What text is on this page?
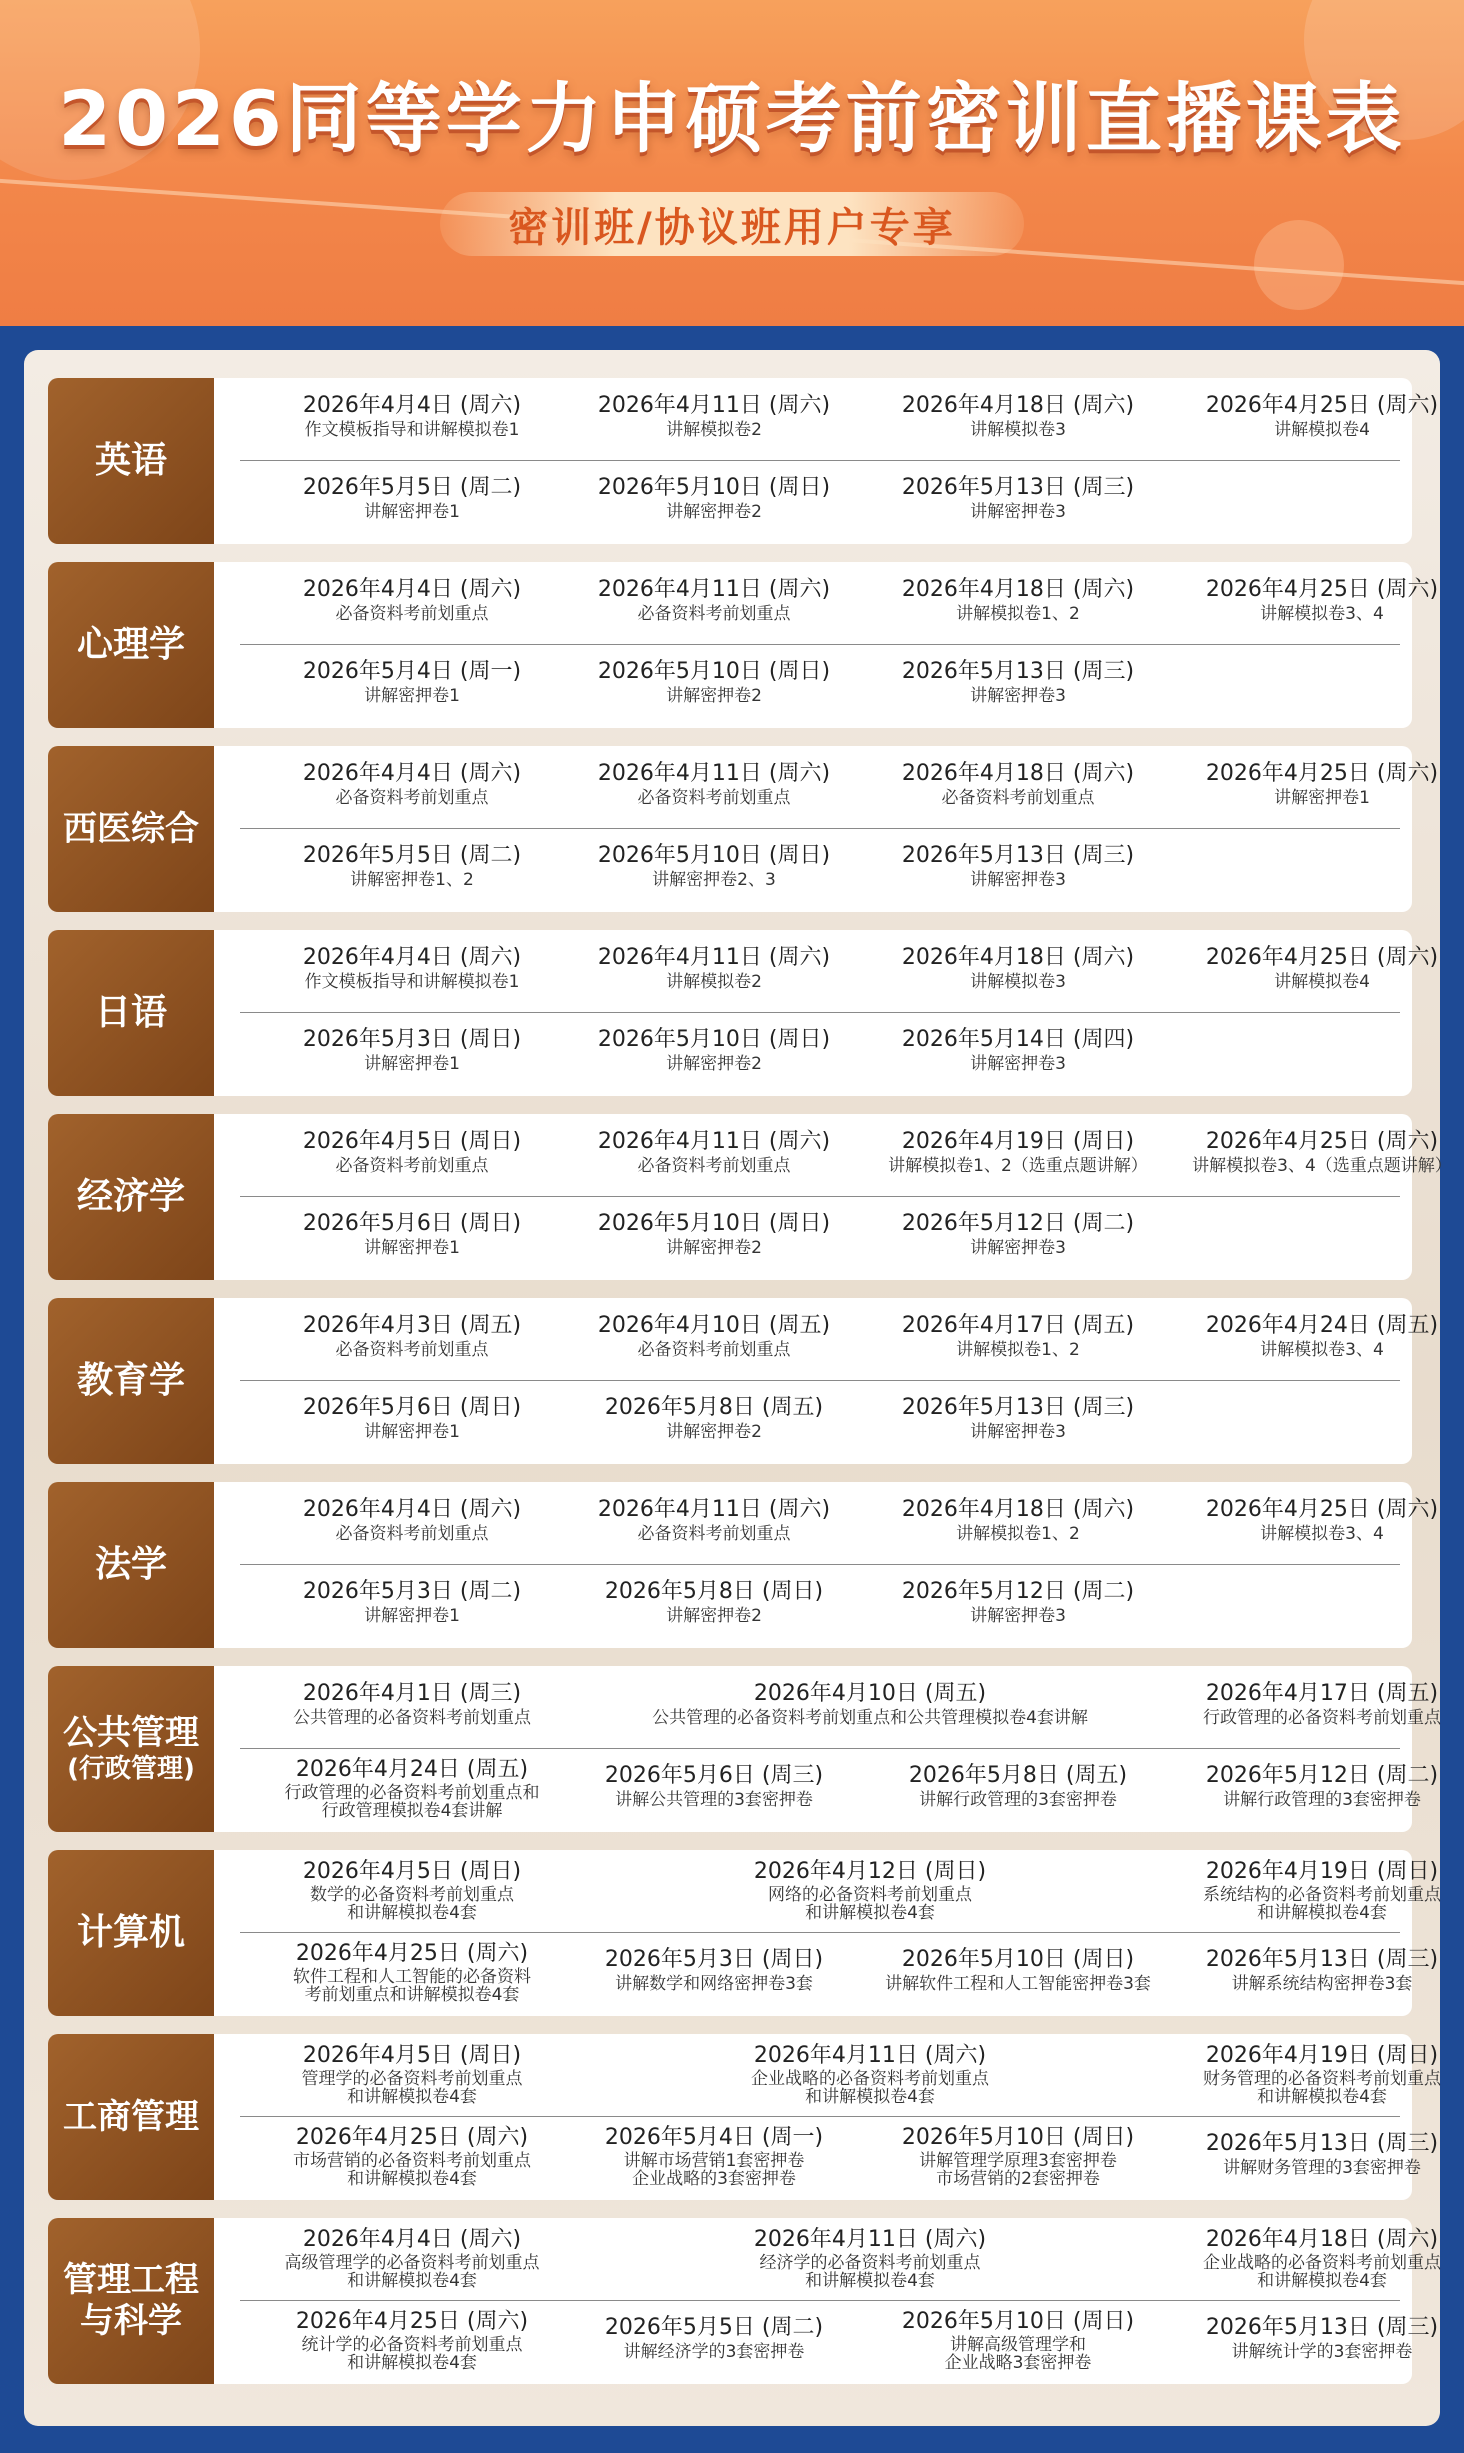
2026同等学力申硕考前密训直播课表
密训班/协议班用户专享
英语
2026年4月4日 (周六)
作文模板指导和讲解模拟卷1
2026年4月11日 (周六)
讲解模拟卷2
2026年4月18日 (周六)
讲解模拟卷3
2026年4月25日 (周六)
讲解模拟卷4
2026年5月5日 (周二)
讲解密押卷1
2026年5月10日 (周日)
讲解密押卷2
2026年5月13日 (周三)
讲解密押卷3
心理学
2026年4月4日 (周六)
必备资料考前划重点
2026年4月11日 (周六)
必备资料考前划重点
2026年4月18日 (周六)
讲解模拟卷1、2
2026年4月25日 (周六)
讲解模拟卷3、4
2026年5月4日 (周一)
讲解密押卷1
2026年5月10日 (周日)
讲解密押卷2
2026年5月13日 (周三)
讲解密押卷3
西医综合
2026年4月4日 (周六)
必备资料考前划重点
2026年4月11日 (周六)
必备资料考前划重点
2026年4月18日 (周六)
必备资料考前划重点
2026年4月25日 (周六)
讲解密押卷1
2026年5月5日 (周二)
讲解密押卷1、2
2026年5月10日 (周日)
讲解密押卷2、3
2026年5月13日 (周三)
讲解密押卷3
日语
2026年4月4日 (周六)
作文模板指导和讲解模拟卷1
2026年4月11日 (周六)
讲解模拟卷2
2026年4月18日 (周六)
讲解模拟卷3
2026年4月25日 (周六)
讲解模拟卷4
2026年5月3日 (周日)
讲解密押卷1
2026年5月10日 (周日)
讲解密押卷2
2026年5月14日 (周四)
讲解密押卷3
经济学
2026年4月5日 (周日)
必备资料考前划重点
2026年4月11日 (周六)
必备资料考前划重点
2026年4月19日 (周日)
讲解模拟卷1、2（选重点题讲解）
2026年4月25日 (周六)
讲解模拟卷3、4（选重点题讲解）
2026年5月6日 (周日)
讲解密押卷1
2026年5月10日 (周日)
讲解密押卷2
2026年5月12日 (周二)
讲解密押卷3
教育学
2026年4月3日 (周五)
必备资料考前划重点
2026年4月10日 (周五)
必备资料考前划重点
2026年4月17日 (周五)
讲解模拟卷1、2
2026年4月24日 (周五)
讲解模拟卷3、4
2026年5月6日 (周日)
讲解密押卷1
2026年5月8日 (周五)
讲解密押卷2
2026年5月13日 (周三)
讲解密押卷3
法学
2026年4月4日 (周六)
必备资料考前划重点
2026年4月11日 (周六)
必备资料考前划重点
2026年4月18日 (周六)
讲解模拟卷1、2
2026年4月25日 (周六)
讲解模拟卷3、4
2026年5月3日 (周二)
讲解密押卷1
2026年5月8日 (周日)
讲解密押卷2
2026年5月12日 (周二)
讲解密押卷3
公共管理
(行政管理)
2026年4月1日 (周三)
公共管理的必备资料考前划重点
2026年4月10日 (周五)
公共管理的必备资料考前划重点和公共管理模拟卷4套讲解
2026年4月17日 (周五)
行政管理的必备资料考前划重点
2026年4月24日 (周五)
行政管理的必备资料考前划重点和
行政管理模拟卷4套讲解
2026年5月6日 (周三)
讲解公共管理的3套密押卷
2026年5月8日 (周五)
讲解行政管理的3套密押卷
2026年5月12日 (周二)
讲解行政管理的3套密押卷
计算机
2026年4月5日 (周日)
数学的必备资料考前划重点
和讲解模拟卷4套
2026年4月12日 (周日)
网络的必备资料考前划重点
和讲解模拟卷4套
2026年4月19日 (周日)
系统结构的必备资料考前划重点
和讲解模拟卷4套
2026年4月25日 (周六)
软件工程和人工智能的必备资料
考前划重点和讲解模拟卷4套
2026年5月3日 (周日)
讲解数学和网络密押卷3套
2026年5月10日 (周日)
讲解软件工程和人工智能密押卷3套
2026年5月13日 (周三)
讲解系统结构密押卷3套
工商管理
2026年4月5日 (周日)
管理学的必备资料考前划重点
和讲解模拟卷4套
2026年4月11日 (周六)
企业战略的必备资料考前划重点
和讲解模拟卷4套
2026年4月19日 (周日)
财务管理的必备资料考前划重点
和讲解模拟卷4套
2026年4月25日 (周六)
市场营销的必备资料考前划重点
和讲解模拟卷4套
2026年5月4日 (周一)
讲解市场营销1套密押卷
企业战略的3套密押卷
2026年5月10日 (周日)
讲解管理学原理3套密押卷
市场营销的2套密押卷
2026年5月13日 (周三)
讲解财务管理的3套密押卷
管理工程
与科学
2026年4月4日 (周六)
高级管理学的必备资料考前划重点
和讲解模拟卷4套
2026年4月11日 (周六)
经济学的必备资料考前划重点
和讲解模拟卷4套
2026年4月18日 (周六)
企业战略的必备资料考前划重点
和讲解模拟卷4套
2026年4月25日 (周六)
统计学的必备资料考前划重点
和讲解模拟卷4套
2026年5月5日 (周二)
讲解经济学的3套密押卷
2026年5月10日 (周日)
讲解高级管理学和
企业战略3套密押卷
2026年5月13日 (周三)
讲解统计学的3套密押卷
